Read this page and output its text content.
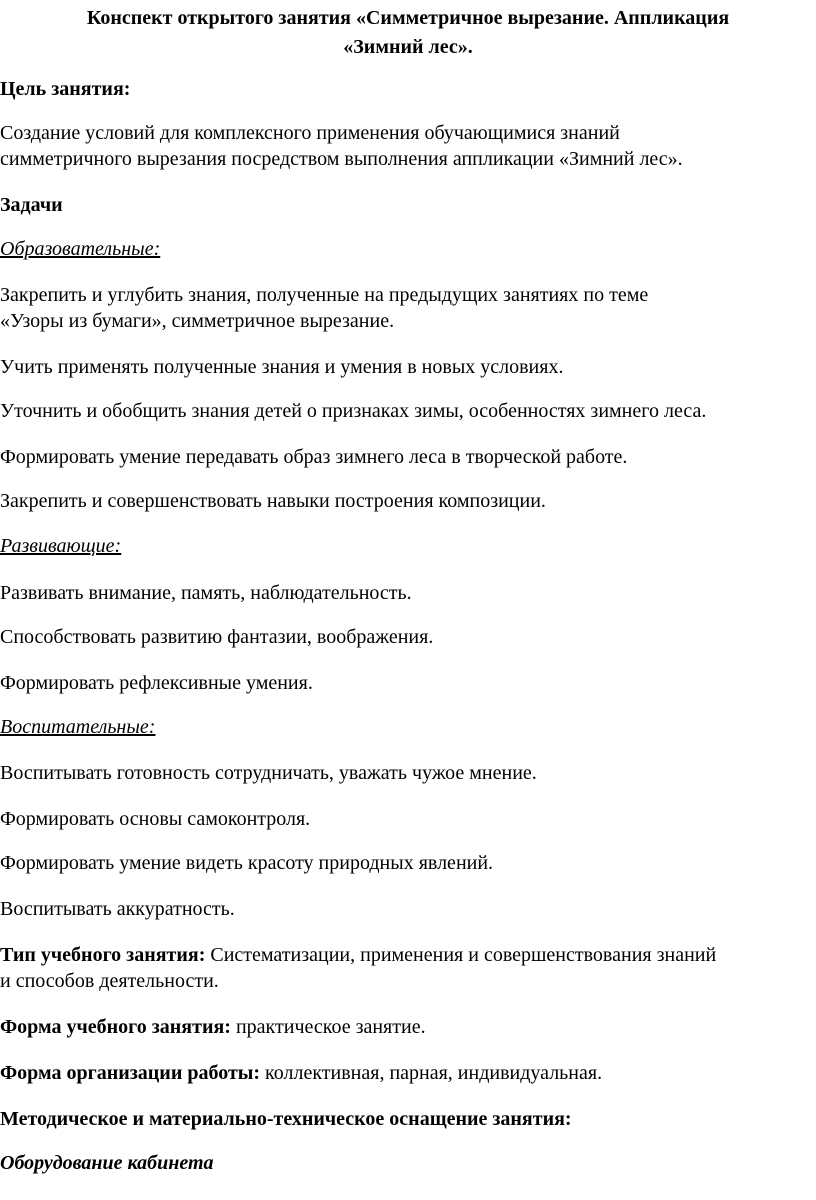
Конспект открытого занятия «Симметричное вырезание. Аппликация
«Зимний лес».
Цель занятия:
Создание условий для комплексного применения обучающимися знаний
симметричного вырезания посредством выполнения аппликации «Зимний лес».
Задачи
Образовательные:
Закрепить и углубить знания, полученные на предыдущих занятиях по теме
«Узоры из бумаги», симметричное вырезание.
Учить применять полученные знания и умения в новых условиях.
Уточнить и обобщить знания детей о признаках зимы, особенностях зимнего леса.
Формировать умение передавать образ зимнего леса в творческой работе.
Закрепить и совершенствовать навыки построения композиции.
Развивающие:
Развивать внимание, память, наблюдательность.
Способствовать развитию фантазии, воображения.
Формировать рефлексивные умения.
Воспитательные:
Воспитывать готовность сотрудничать, уважать чужое мнение.
Формировать основы самоконтроля.
Формировать умение видеть красоту природных явлений.
Воспитывать аккуратность.
Тип учебного занятия: Систематизации, применения и совершенствования знаний
и способов деятельности.
Форма учебного занятия: практическое занятие.
Форма организации работы: коллективная, парная, индивидуальная.
Методическое и материально-техническое оснащение занятия:
Оборудование кабинета
